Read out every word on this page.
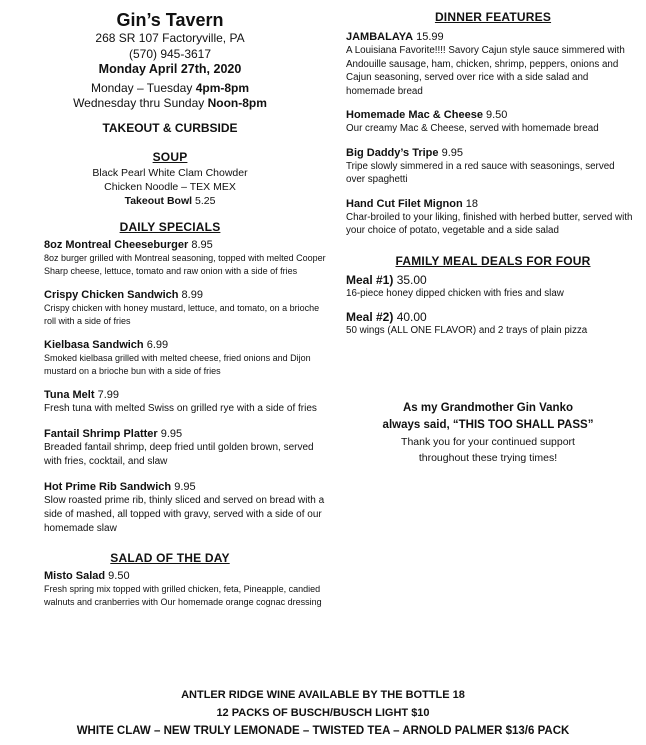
Gin’s Tavern
268 SR 107 Factoryville, PA
(570) 945-3617
Monday April 27th, 2020
Monday – Tuesday 4pm-8pm
Wednesday thru Sunday Noon-8pm
TAKEOUT & CURBSIDE
SOUP
Black Pearl White Clam Chowder
Chicken Noodle – TEX MEX
Takeout Bowl 5.25
DAILY SPECIALS
8oz Montreal Cheeseburger 8.95
8oz burger grilled with Montreal seasoning, topped with melted Cooper Sharp cheese, lettuce, tomato and raw onion with a side of fries
Crispy Chicken Sandwich 8.99
Crispy chicken with honey mustard, lettuce, and tomato, on a brioche roll with a side of fries
Kielbasa Sandwich 6.99
Smoked kielbasa grilled with melted cheese, fried onions and Dijon mustard on a brioche bun with a side of fries
Tuna Melt 7.99
Fresh tuna with melted Swiss on grilled rye with a side of fries
Fantail Shrimp Platter 9.95
Breaded fantail shrimp, deep fried until golden brown, served with fries, cocktail, and slaw
Hot Prime Rib Sandwich 9.95
Slow roasted prime rib, thinly sliced and served on bread with a side of mashed, all topped with gravy, served with a side of our homemade slaw
SALAD OF THE DAY
Misto Salad 9.50
Fresh spring mix topped with grilled chicken, feta, Pineapple, candied walnuts and cranberries with Our homemade orange cognac dressing
DINNER FEATURES
JAMBALAYA 15.99
A Louisiana Favorite!!!! Savory Cajun style sauce simmered with Andouille sausage, ham, chicken, shrimp, peppers, onions and Cajun seasoning, served over rice with a side salad and homemade bread
Homemade Mac & Cheese 9.50
Our creamy Mac & Cheese, served with homemade bread
Big Daddy’s Tripe 9.95
Tripe slowly simmered in a red sauce with seasonings, served over spaghetti
Hand Cut Filet Mignon 18
Char-broiled to your liking, finished with herbed butter, served with your choice of potato, vegetable and a side salad
FAMILY MEAL DEALS FOR FOUR
Meal #1) 35.00
16-piece honey dipped chicken with fries and slaw
Meal #2) 40.00
50 wings (ALL ONE FLAVOR) and 2 trays of plain pizza
As my Grandmother Gin Vanko
always said, “THIS TOO SHALL PASS”
Thank you for your continued support
throughout these trying times!
ANTLER RIDGE WINE AVAILABLE BY THE BOTTLE 18
12 PACKS OF BUSCH/BUSCH LIGHT $10
WHITE CLAW – NEW TRULY LEMONADE – TWISTED TEA – ARNOLD PALMER $13/6 PACK
